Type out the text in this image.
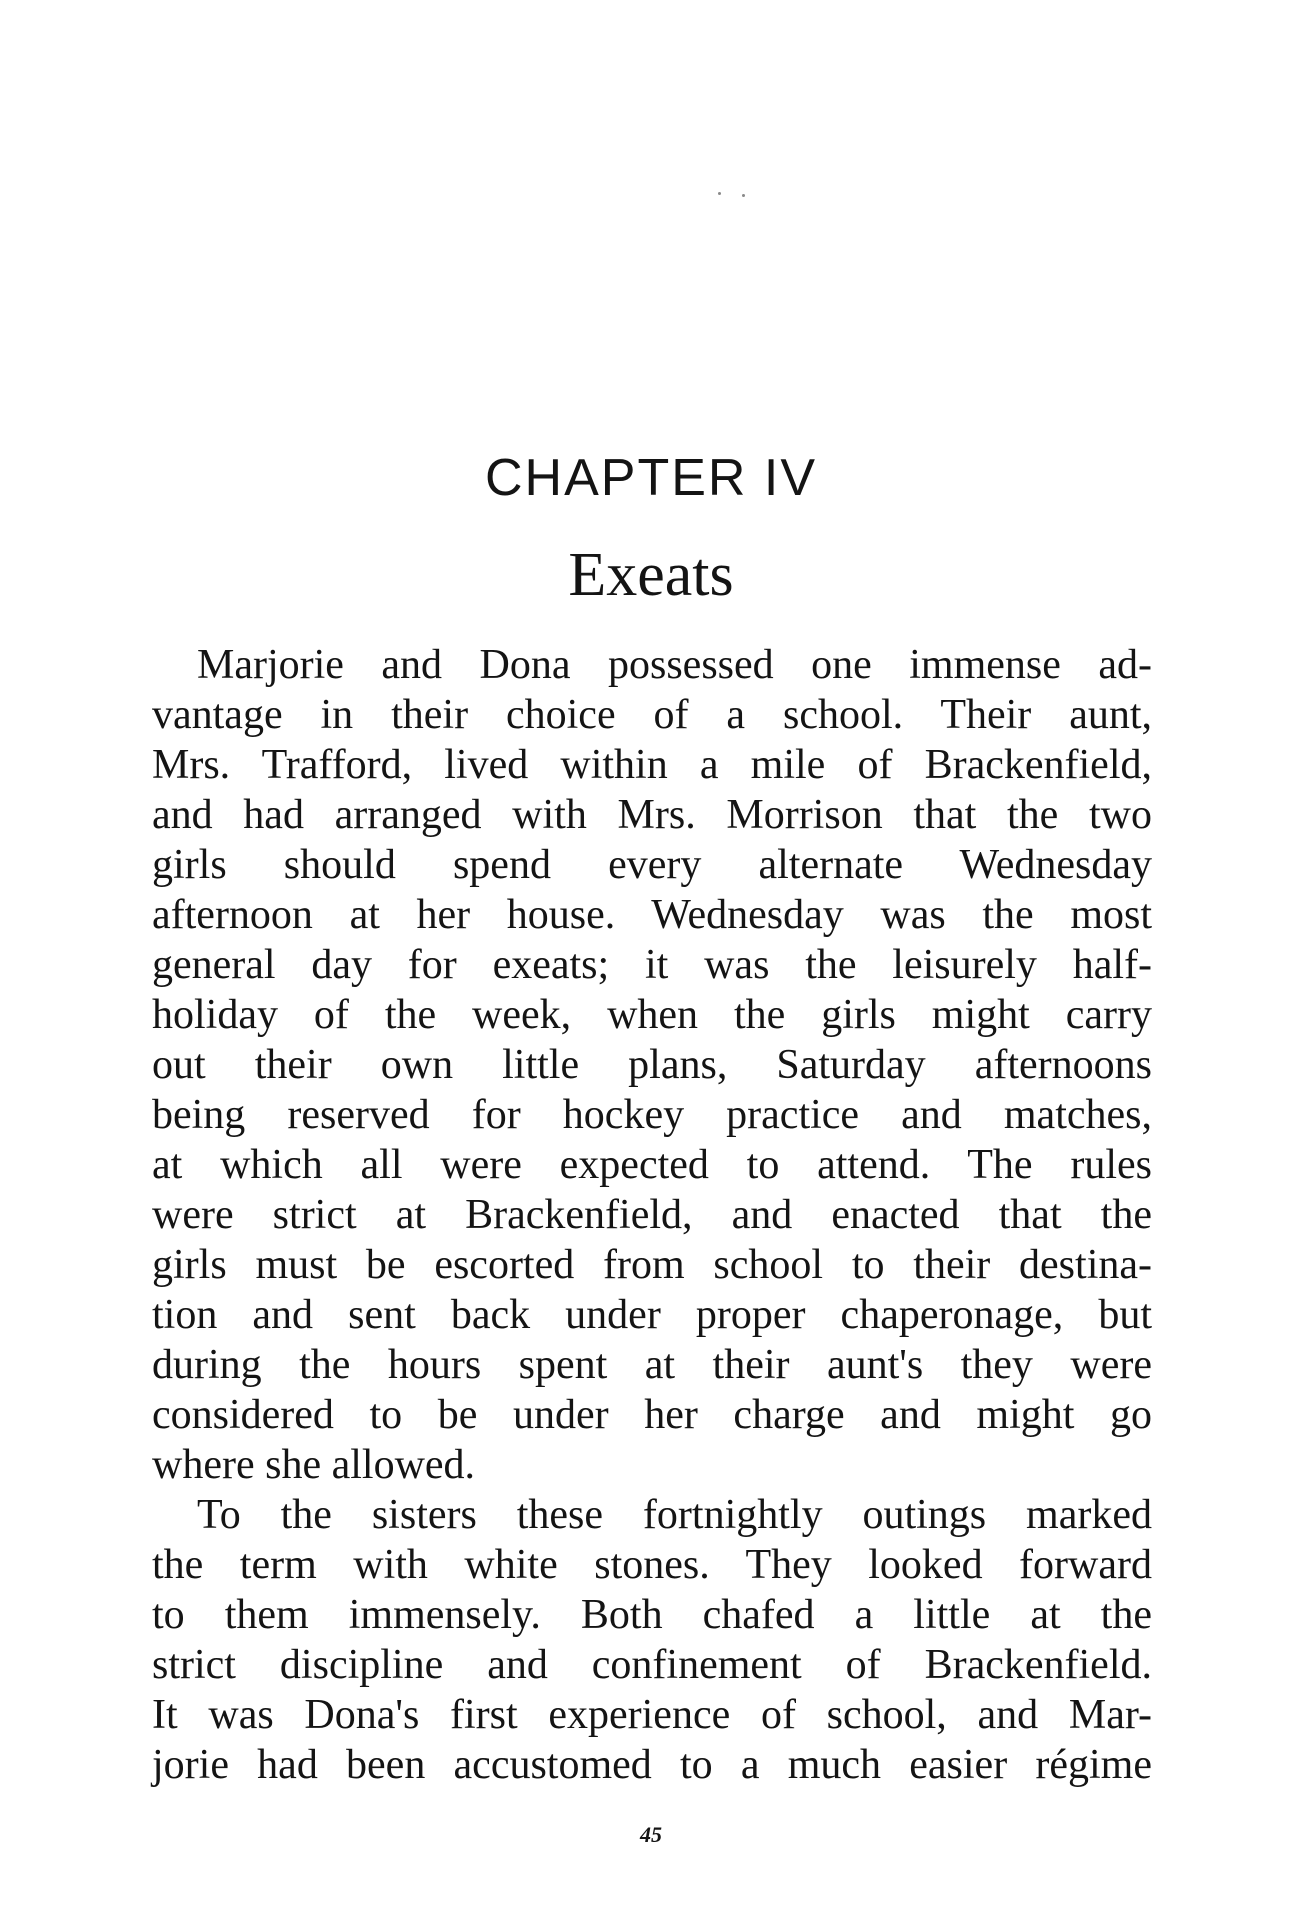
CHAPTER IV
Exeats
Marjorie and Dona possessed one immense ad-
vantage in their choice of a school. Their aunt,
Mrs. Trafford, lived within a mile of Brackenfield,
and had arranged with Mrs. Morrison that the two
girls should spend every alternate Wednesday
afternoon at her house. Wednesday was the most
general day for exeats; it was the leisurely half-
holiday of the week, when the girls might carry
out their own little plans, Saturday afternoons
being reserved for hockey practice and matches,
at which all were expected to attend. The rules
were strict at Brackenfield, and enacted that the
girls must be escorted from school to their destina-
tion and sent back under proper chaperonage, but
during the hours spent at their aunt's they were
considered to be under her charge and might go
where she allowed.
To the sisters these fortnightly outings marked
the term with white stones. They looked forward
to them immensely. Both chafed a little at the
strict discipline and confinement of Brackenfield.
It was Dona's first experience of school, and Mar-
jorie had been accustomed to a much easier régime
45
